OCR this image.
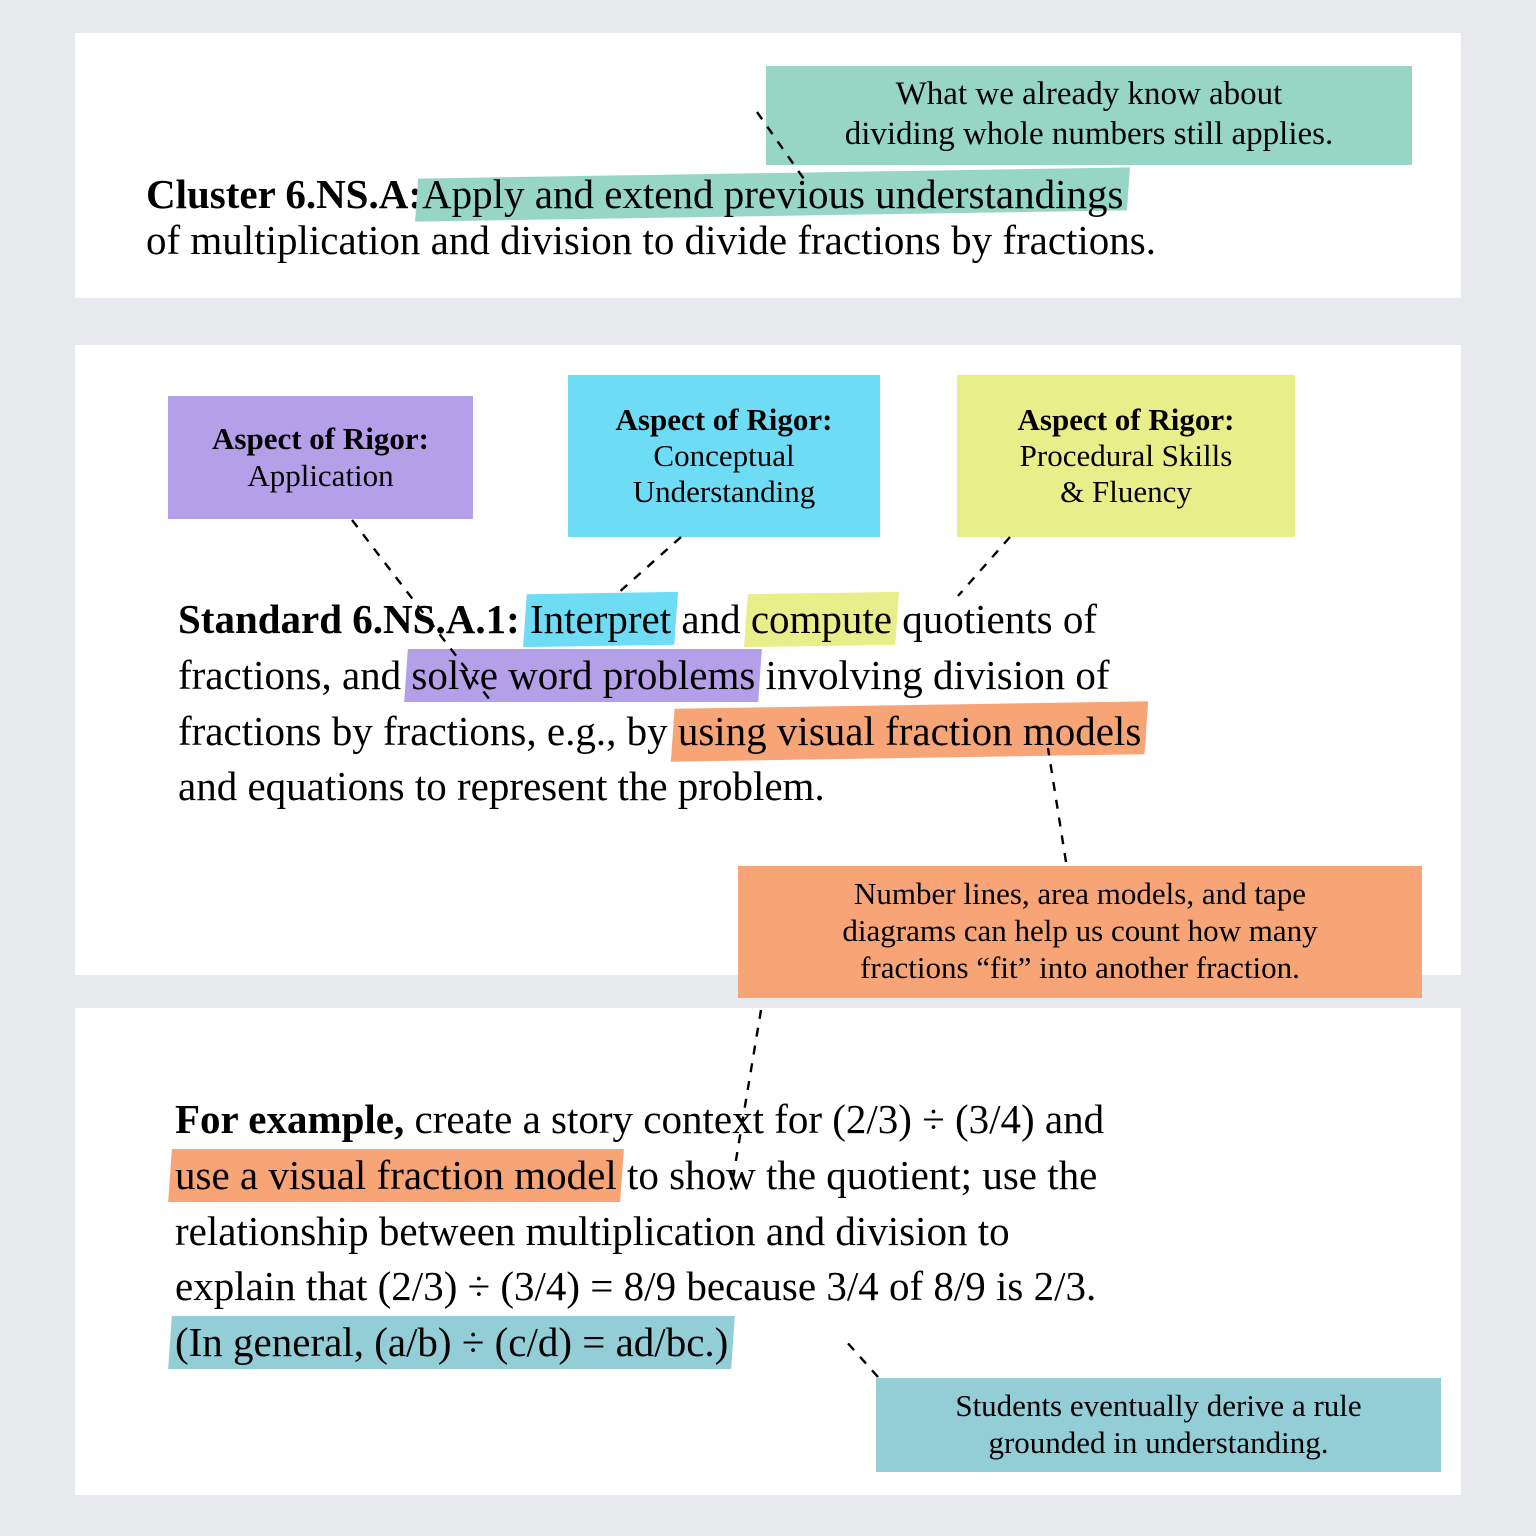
What we already know about
dividing whole numbers still applies.
Cluster 6.NS.A:Apply and extend previous understandings
of multiplication and division to divide fractions by fractions.
Aspect of Rigor:
Application
Aspect of Rigor:
Conceptual
Understanding
Aspect of Rigor:
Procedural Skills
& Fluency
Standard 6.NS.A.1: Interpret and compute quotients of
fractions, and solve word problems involving division of
fractions by fractions, e.g., by using visual fraction models
and equations to represent the problem.
Number lines, area models, and tape
diagrams can help us count how many
fractions “fit” into another fraction.
For example, create a story context for (2/3) ÷ (3/4) and
use a visual fraction model to show the quotient; use the
relationship between multiplication and division to
explain that (2/3) ÷ (3/4) = 8/9 because 3/4 of 8/9 is 2/3.
(In general, (a/b) ÷ (c/d) = ad/bc.)
Students eventually derive a rule
grounded in understanding.
